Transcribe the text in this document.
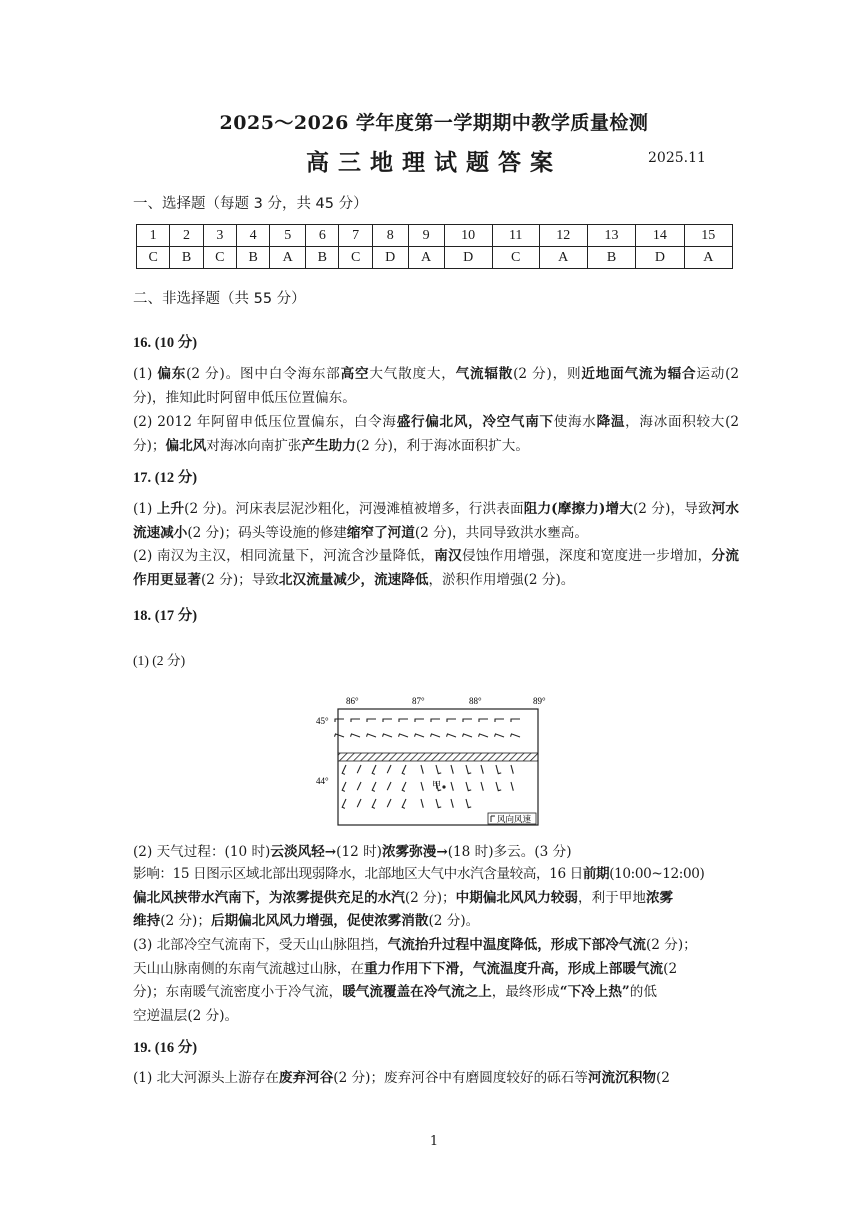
2025～2026 学年度第一学期期中教学质量检测
高三地理试题答案	2025.11
一、选择题（每题 3 分，共 45 分）
1	2	3	4	5	6	7	8	9	10	11	12	13	14	15
C	B	C	B	A	B	C	D	A	D	C	A	B	D	A
二、非选择题（共 55 分）
16. (10 分)
(1) 偏东(2 分)。图中白令海东部高空大气散度大，气流辐散(2 分)，则近地面气流为辐合运动(2 分)，推知此时阿留申低压位置偏东。
(2) 2012 年阿留申低压位置偏东，白令海盛行偏北风，冷空气南下使海水降温，海冰面积较大(2 分)；偏北风对海冰向南扩张产生助力(2 分)，利于海冰面积扩大。
17. (12 分)
(1) 上升(2 分)。河床表层泥沙粗化，河漫滩植被增多，行洪表面阻力(摩擦力)增大(2 分)，导致河水流速减小(2 分)；码头等设施的修建缩窄了河道(2 分)，共同导致洪水壅高。
(2) 南汉为主汉，相同流量下，河流含沙量降低，南汉侵蚀作用增强，深度和宽度进一步增加，分流作用更显著(2 分)；导致北汉流量减少，流速降低，淤积作用增强(2 分)。
18. (17 分)
(1) (2 分)
86°	87°	88°	89°
45°
44°	甲
风向风速
(2) 天气过程：(10 时)云淡风轻→(12 时)浓雾弥漫→(18 时)多云。(3 分)
影响：15 日图示区域北部出现弱降水，北部地区大气中水汽含量较高，16 日前期(10:00~12:00)
偏北风挟带水汽南下，为浓雾提供充足的水汽(2 分)；中期偏北风风力较弱，利于甲地浓雾
维持(2 分)；后期偏北风风力增强，促使浓雾消散(2 分)。
(3) 北部冷空气流南下，受天山山脉阻挡，气流抬升过程中温度降低，形成下部冷气流(2 分)；
天山山脉南侧的东南气流越过山脉，在重力作用下下滑，气流温度升高，形成上部暖气流(2
分)；东南暖气流密度小于冷气流，暖气流覆盖在冷气流之上，最终形成“下冷上热”的低
空逆温层(2 分)。
19. (16 分)
(1) 北大河源头上游存在废弃河谷(2 分)；废弃河谷中有磨圆度较好的砾石等河流沉积物(2
1
